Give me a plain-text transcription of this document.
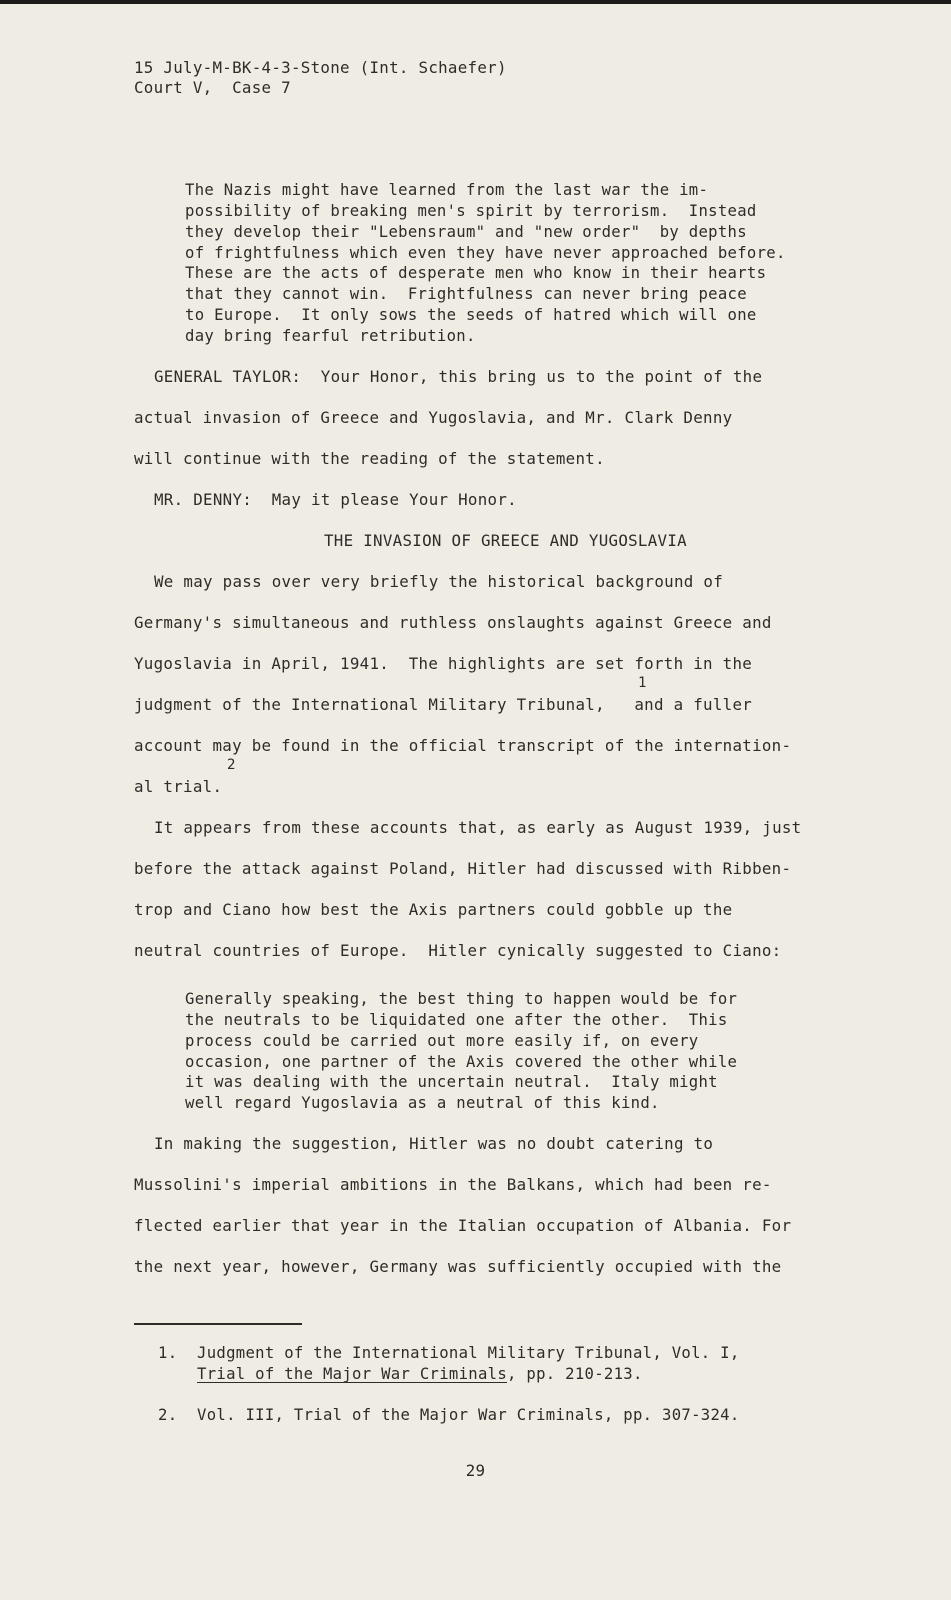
15 July-M-BK-4-3-Stone (Int. Schaefer)
Court V,  Case 7
The Nazis might have learned from the last war the im-
possibility of breaking men's spirit by terrorism.  Instead
they develop their "Lebensraum" and "new order"  by depths
of frightfulness which even they have never approached before.
These are the acts of desperate men who know in their hearts
that they cannot win.  Frightfulness can never bring peace
to Europe.  It only sows the seeds of hatred which will one
day bring fearful retribution.
GENERAL TAYLOR:  Your Honor, this bring us to the point of the
actual invasion of Greece and Yugoslavia, and Mr. Clark Denny
will continue with the reading of the statement.
MR. DENNY:  May it please Your Honor.
THE INVASION OF GREECE AND YUGOSLAVIA
We may pass over very briefly the historical background of
Germany's simultaneous and ruthless onslaughts against Greece and
Yugoslavia in April, 1941.  The highlights are set forth in the
1
judgment of the International Military Tribunal,   and a fuller
account may be found in the official transcript of the internation-
2
al trial.
It appears from these accounts that, as early as August 1939, just
before the attack against Poland, Hitler had discussed with Ribben-
trop and Ciano how best the Axis partners could gobble up the
neutral countries of Europe.  Hitler cynically suggested to Ciano:
Generally speaking, the best thing to happen would be for
the neutrals to be liquidated one after the other.  This
process could be carried out more easily if, on every
occasion, one partner of the Axis covered the other while
it was dealing with the uncertain neutral.  Italy might
well regard Yugoslavia as a neutral of this kind.
In making the suggestion, Hitler was no doubt catering to
Mussolini's imperial ambitions in the Balkans, which had been re-
flected earlier that year in the Italian occupation of Albania. For
the next year, however, Germany was sufficiently occupied with the
1. Judgment of the International Military Tribunal, Vol. I,
Trial of the Major War Criminals, pp. 210-213.
2. Vol. III, Trial of the Major War Criminals, pp. 307-324.
29
